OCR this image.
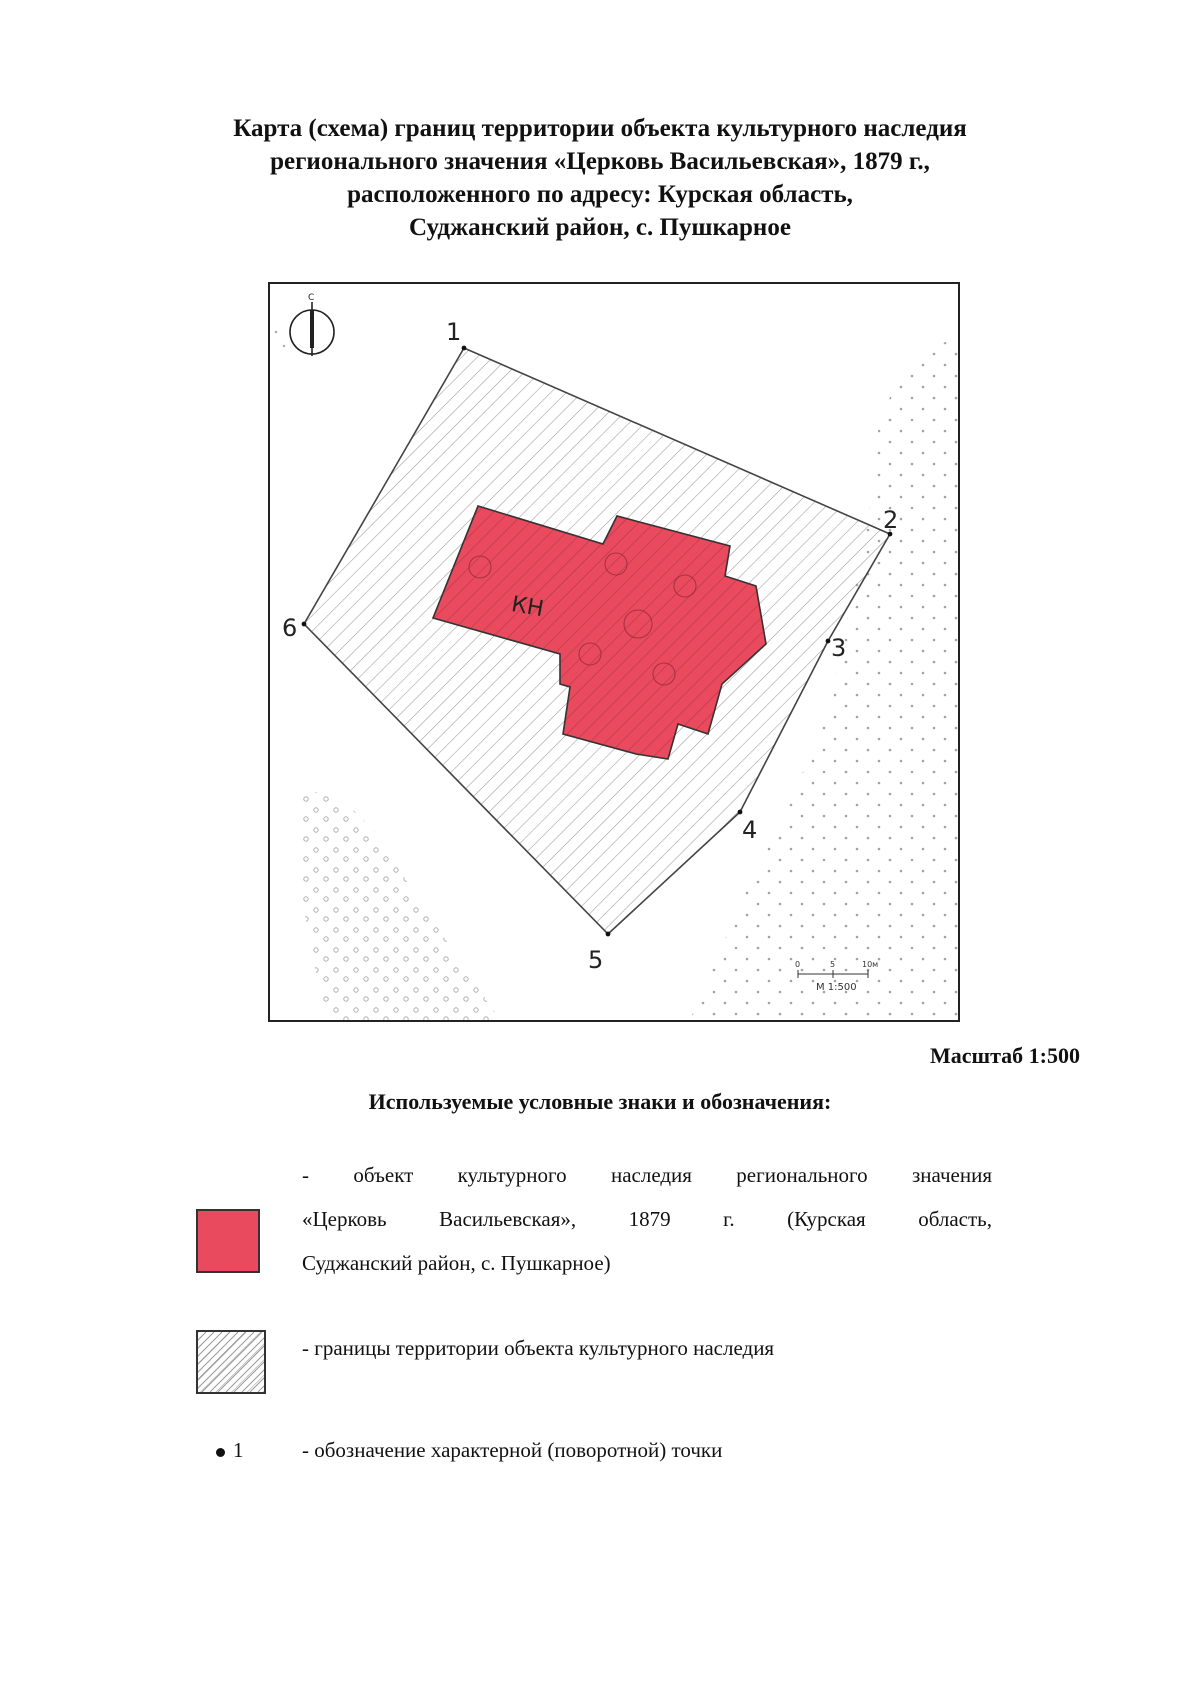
Карта (схема) границ территории объекта культурного наследия
регионального значения «Церковь Васильевская», 1879 г.,
расположенного по адресу: Курская область,
Суджанский район, с. Пушкарное
КН
С
1
2
3
4
5
6
0	5	10м
М 1:500
Масштаб 1:500
Используемые условные знаки и обозначения:
- объект культурного наследия регионального значения
«Церковь Васильевская», 1879 г. (Курская область,
Суджанский район, с. Пушкарное)
- границы территории объекта культурного наследия
1	- обозначение характерной (поворотной) точки
